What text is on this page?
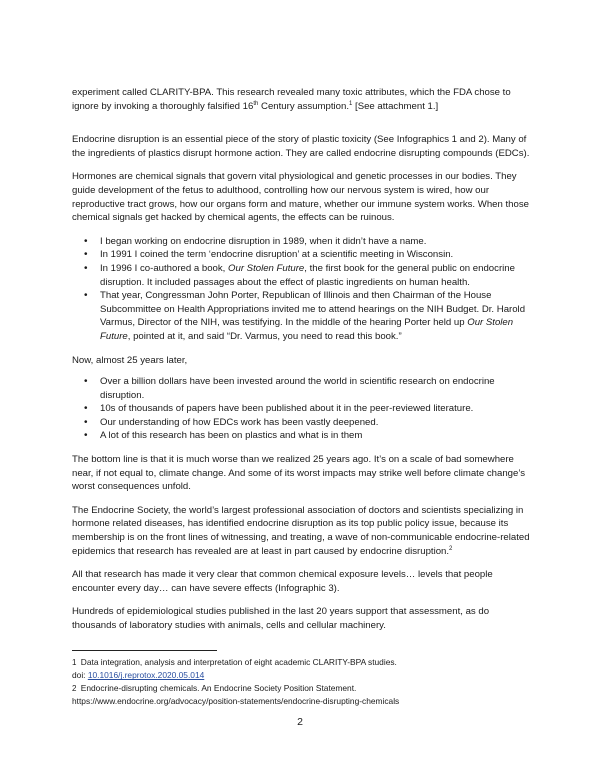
experiment called CLARITY-BPA. This research revealed many toxic attributes, which the FDA chose to ignore by invoking a thoroughly falsified 16th Century assumption.$^1$ [See attachment 1.]

Endocrine disruption is an essential piece of the story of plastic toxicity (See Infographics 1 and 2). Many of the ingredients of plastics disrupt hormone action. They are called endocrine disrupting compounds (EDCs).

Hormones are chemical signals that govern vital physiological and genetic processes in our bodies. They guide development of the fetus to adulthood, controlling how our nervous system is wired, how our reproductive tract grows, how our organs form and mature, whether our immune system works. When those chemical signals get hacked by chemical agents, the effects can be ruinous.

• I began working on endocrine disruption in 1989, when it didn’t have a name.
• In 1991 I coined the term ‘endocrine disruption’ at a scientific meeting in Wisconsin.
• In 1996 I co-authored a book, Our Stolen Future, the first book for the general public on endocrine disruption. It included passages about the effect of plastic ingredients on human health.
• That year, Congressman John Porter, Republican of Illinois and then Chairman of the House Subcommittee on Health Appropriations invited me to attend hearings on the NIH Budget. Dr. Harold Varmus, Director of the NIH, was testifying. In the middle of the hearing Porter held up Our Stolen Future, pointed at it, and said “Dr. Varmus, you need to read this book.”

Now, almost 25 years later,

• Over a billion dollars have been invested around the world in scientific research on endocrine disruption.
• 10s of thousands of papers have been published about it in the peer-reviewed literature.
• Our understanding of how EDCs work has been vastly deepened.
• A lot of this research has been on plastics and what is in them

The bottom line is that it is much worse than we realized 25 years ago. It’s on a scale of bad somewhere near, if not equal to, climate change. And some of its worst impacts may strike well before climate change’s worst consequences unfold.

The Endocrine Society, the world’s largest professional association of doctors and scientists specializing in hormone related diseases, has identified endocrine disruption as its top public policy issue, because its membership is on the front lines of witnessing, and treating, a wave of non-communicable endocrine-related epidemics that research has revealed are at least in part caused by endocrine disruption.$^2$

All that research has made it very clear that common chemical exposure levels… levels that people encounter every day… can have severe effects (Infographic 3).

Hundreds of epidemiological studies published in the last 20 years support that assessment, as do thousands of laboratory studies with animals, cells and cellular machinery.

1 Data integration, analysis and interpretation of eight academic CLARITY-BPA studies.

doi: 10.1016/j.reprotox.2020.05.014

2 Endocrine-disrupting chemicals. An Endocrine Society Position Statement.

https://www.endocrine.org/advocacy/position-statements/endocrine-disrupting-chemicals

2
